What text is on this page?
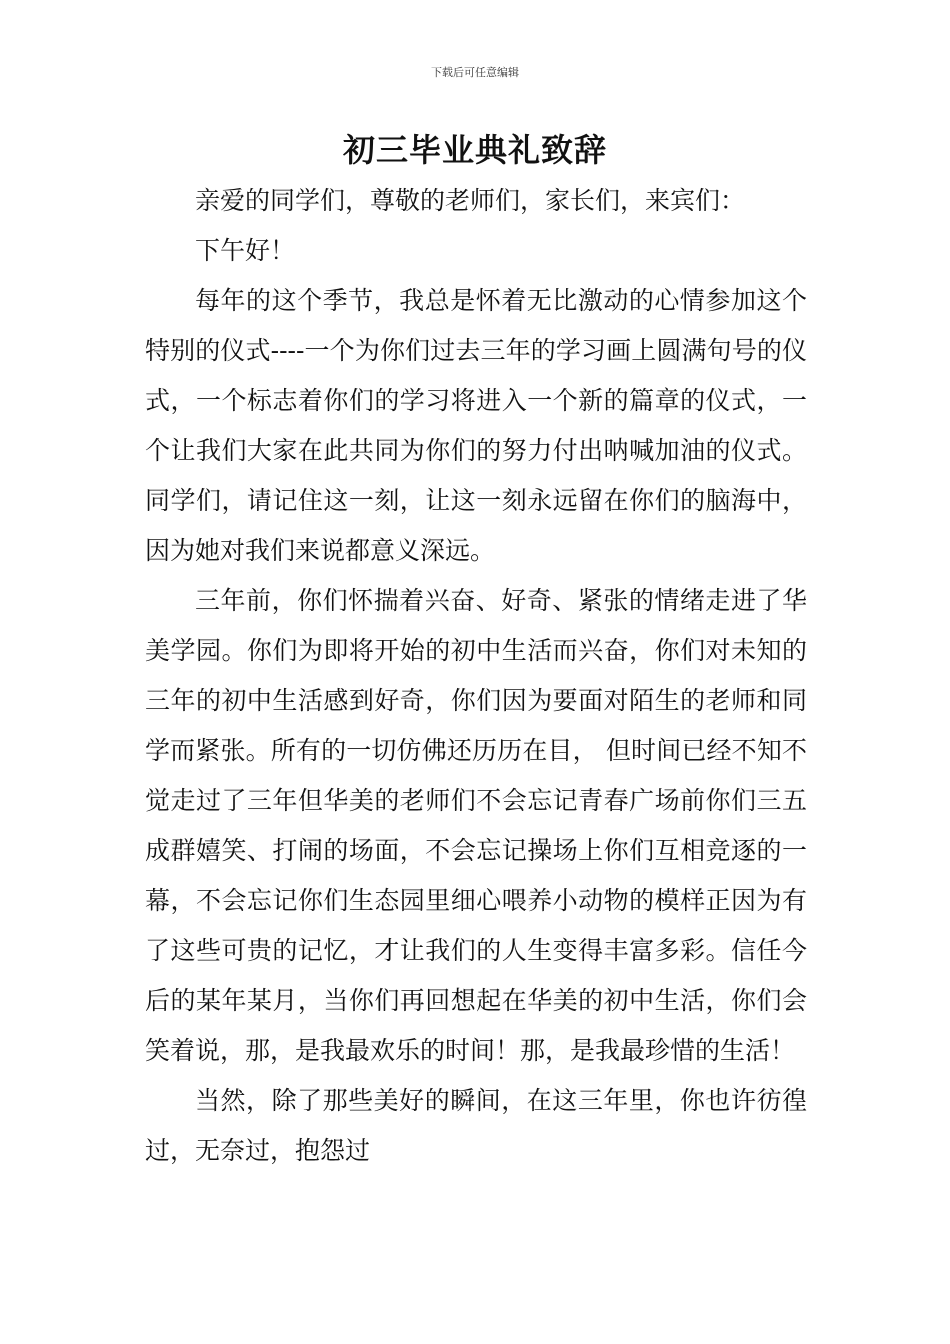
下载后可任意编辑
初三毕业典礼致辞

亲爱的同学们，尊敬的老师们，家长们，来宾们：

下午好！

每年的这个季节，我总是怀着无比激动的心情参加这个特别的仪式----一个为你们过去三年的学习画上圆满句号的仪式，一个标志着你们的学习将进入一个新的篇章的仪式，一个让我们大家在此共同为你们的努力付出呐喊加油的仪式。同学们，请记住这一刻，让这一刻永远留在你们的脑海中，因为她对我们来说都意义深远。

三年前，你们怀揣着兴奋、好奇、紧张的情绪走进了华美学园。你们为即将开始的初中生活而兴奋，你们对未知的三年的初中生活感到好奇，你们因为要面对陌生的老师和同学而紧张。所有的一切仿佛还历历在目， 但时间已经不知不觉走过了三年但华美的老师们不会忘记青春广场前你们三五成群嬉笑、打闹的场面，不会忘记操场上你们互相竞逐的一幕，不会忘记你们生态园里细心喂养小动物的模样正因为有了这些可贵的记忆，才让我们的人生变得丰富多彩。信任今后的某年某月，当你们再回想起在华美的初中生活，你们会笑着说，那，是我最欢乐的时间！那，是我最珍惜的生活！

当然，除了那些美好的瞬间，在这三年里，你也许彷徨过，无奈过，抱怨过
